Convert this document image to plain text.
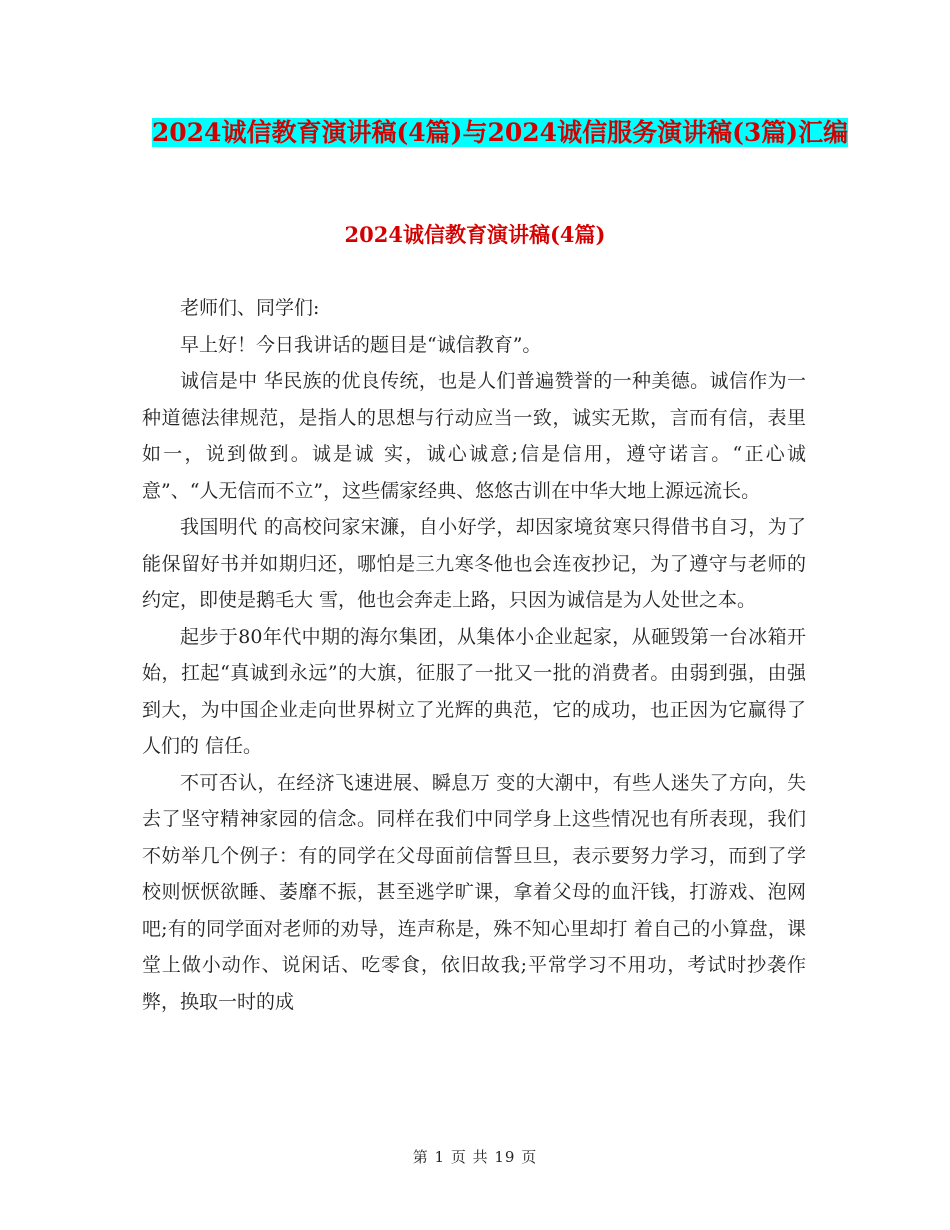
2024诚信教育演讲稿(4篇)与2024诚信服务演讲稿(3篇)汇编
2024诚信教育演讲稿(4篇)

老师们、同学们:

早上好！今日我讲话的题目是“诚信教育”。

诚信是中 华民族的优良传统，也是人们普遍赞誉的一种美德。诚信作为一种道德法律规范，是指人的思想与行动应当一致，诚实无欺，言而有信，表里如一，说到做到。诚是诚 实，诚心诚意;信是信用，遵守诺言。“正心诚意”、“人无信而不立”，这些儒家经典、悠悠古训在中华大地上源远流长。

我国明代 的高校问家宋濂，自小好学，却因家境贫寒只得借书自习，为了能保留好书并如期归还，哪怕是三九寒冬他也会连夜抄记，为了遵守与老师的约定，即使是鹅毛大 雪，他也会奔走上路，只因为诚信是为人处世之本。

起步于80年代中期的海尔集团，从集体小企业起家，从砸毁第一台冰箱开 始，扛起“真诚到永远”的大旗，征服了一批又一批的消费者。由弱到强，由强到大，为中国企业走向世界树立了光辉的典范，它的成功，也正因为它赢得了人们的 信任。

不可否认，在经济飞速进展、瞬息万 变的大潮中，有些人迷失了方向，失去了坚守精神家园的信念。同样在我们中同学身上这些情况也有所表现，我们不妨举几个例子：有的同学在父母面前信誓旦旦，表示要努力学习，而到了学校则恹恹欲睡、萎靡不振，甚至逃学旷课，拿着父母的血汗钱，打游戏、泡网吧;有的同学面对老师的劝导，连声称是，殊不知心里却打 着自己的小算盘，课堂上做小动作、说闲话、吃零食，依旧故我;平常学习不用功，考试时抄袭作弊，换取一时的成

第 1 页 共 19 页
